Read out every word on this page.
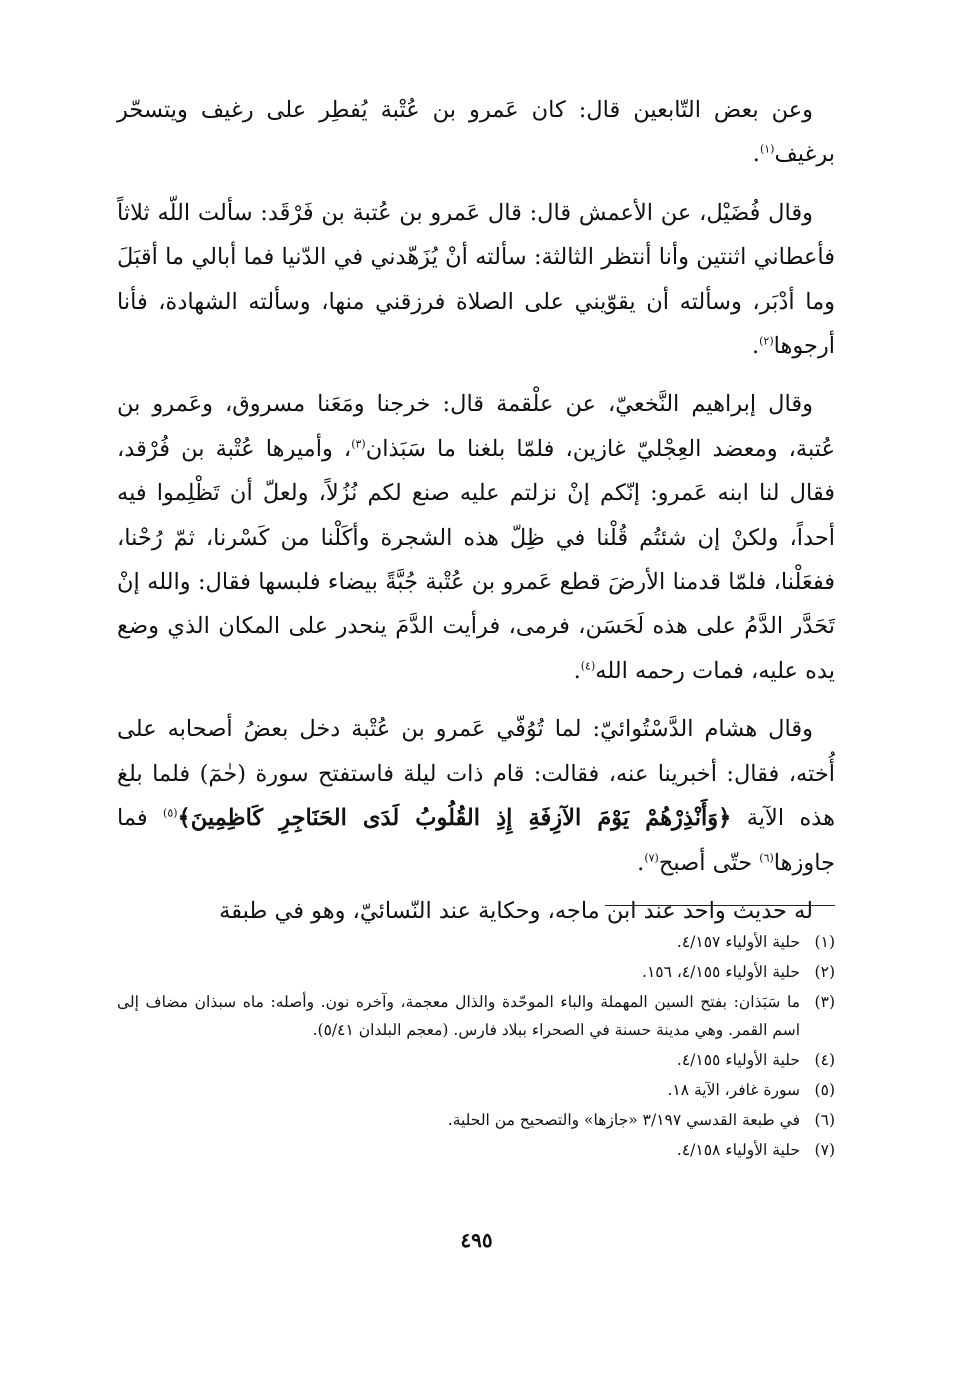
وعن بعض التّابعين قال: كان عَمرو بن عُتْبة يُفطِر على رغيف ويتسحّر برغيف$^{(١)}$.

وقال فُضَيْل، عن الأعمش قال: قال عَمرو بن عُتبة بن فَرْقَد: سألت اللّه ثلاثاً فأعطاني اثنتين وأنا أنتظر الثالثة: سألته أنْ يُزَهّدني في الدّنيا فما أبالي ما أقبَلَ وما أدْبَر، وسألته أن يقوّيني على الصلاة فرزقني منها، وسألته الشهادة، فأنا أرجوها$^{(٢)}$.

وقال إبراهيم النَّخعيّ، عن علْقمة قال: خرجنا ومَعَنا مسروق، وعَمرو بن عُتبة، ومعضد العِجْليّ غازين، فلمّا بلغنا ما سَبَذان$^{(٣)}$، وأميرها عُتْبة بن فُرْقد، فقال لنا ابنه عَمرو: إنّكم إنْ نزلتم عليه صنع لكم نُزُلاً، ولعلّ أن تَظْلِموا فيه أحداً، ولكنْ إن شئتُم قُلْنا في ظِلّ هذه الشجرة وأكَلْنا من كَسْرنا، ثمّ رُحْنا، ففعَلْنا، فلمّا قدمنا الأرضَ قطع عَمرو بن عُتْبة جُبَّةً بيضاء فلبسها فقال: والله إنْ تَحَدَّر الدَّمُ على هذه لَحَسَن، فرمى، فرأيت الدَّمَ ينحدر على المكان الذي وضع يده عليه، فمات رحمه الله$^{(٤)}$.

وقال هشام الدَّسْتُوائيّ: لما تُوُفّي عَمرو بن عُتْبة دخل بعضُ أصحابه على أُخته، فقال: أخبرينا عنه، فقالت: قام ذات ليلة فاستفتح سورة (حٰمٓ) فلما بلغ هذه الآية ﴿وَأَنْذِرْهُمْ يَوْمَ الآزِفَةِ إِذِ القُلُوبُ لَدَى الحَنَاجِرِ كَاظِمِينَ﴾$^{(٥)}$ فما جاوزها$^{(٦)}$ حتّى أصبح$^{(٧)}$.

له حديث واحد عند ابن ماجه، وحكاية عند النّسائيّ، وهو في طبقة

(١)
حلية الأولياء ٤/١٥٧.
(٢)
حلية الأولياء ٤/١٥٥، ١٥٦.
(٣)
ما سَبَذان: بفتح السين المهملة والباء الموحّدة والذال معجمة، وآخره نون. وأصله: ماه سبذان مضاف إلى اسم القمر. وهي مدينة حسنة في الصحراء ببلاد فارس. (معجم البلدان ٥/٤١).
(٤)
حلية الأولياء ٤/١٥٥.
(٥)
سورة غافر، الآية ١٨.
(٦)
في طبعة القدسي ٣/١٩٧ «جازها» والتصحيح من الحلية.
(٧)
حلية الأولياء ٤/١٥٨.
٤٩٥
